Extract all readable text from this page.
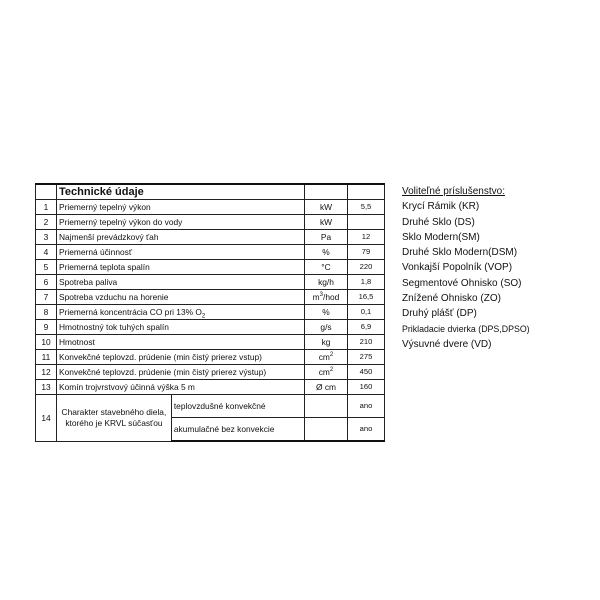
	Technické údaje			
1	Priemerný tepelný výkon		kW	5,5
2	Priemerný tepelný výkon do vody		kW	
3	Najmenší prevádzkový ťah		Pa	12
4	Priemerná účinnosť		%	79
5	Priemerná teplota spalín		°C	220
6	Spotreba paliva		kg/h	1,8
7	Spotreba vzduchu na horenie		$m^3$/hod	16,5
8	Priemerná koncentrácia CO pri 13% $O_2$		%	0,1
9	Hmotnostný tok tuhých spalín		g/s	6,9
10	Hmotnost		kg	210
11	Konvekčné teplovzd. prúdenie (min čistý prierez vstup)		$cm^2$	275
12	Konvekčné teplovzd. prúdenie (min čistý prierez výstup)		$cm^2$	450
13	Komín trojvrstvový účinná výška 5 m		Ø cm	160
14	Charakter stavebného diela, ktorého je KRVL súčasťou	teplovzdušné konvekčné		ano
		akumulačné bez konvekcie		ano
Voliteľné príslušenstvo:
Krycí Rámik (KR)
Druhé Sklo (DS)
Sklo Modern(SM)
Druhé Sklo Modern(DSM)
Vonkajší Popolník (VOP)
Segmentové Ohnisko (SO)
Znížené Ohnisko (ZO)
Druhý plášť (DP)
Prikladacie dvierka (DPS,DPSO)
Výsuvné dvere (VD)
